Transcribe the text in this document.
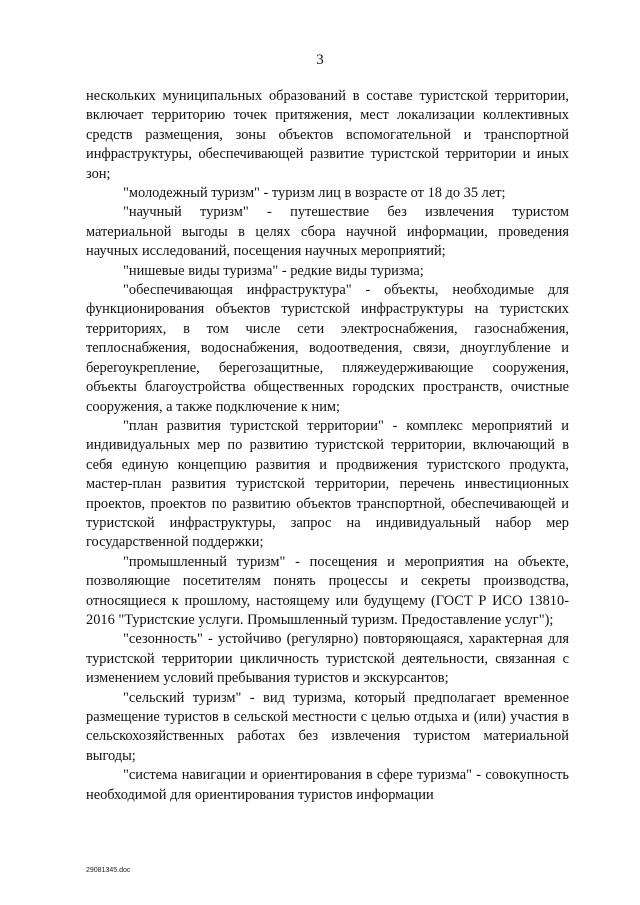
3

нескольких муниципальных образований в составе туристской территории, включает территорию точек притяжения, мест локализации коллективных средств размещения, зоны объектов вспомогательной и транспортной инфраструктуры, обеспечивающей развитие туристской территории и иных зон;

"молодежный туризм" - туризм лиц в возрасте от 18 до 35 лет;

"научный туризм" - путешествие без извлечения туристом материальной выгоды в целях сбора научной информации, проведения научных исследований, посещения научных мероприятий;

"нишевые виды туризма" - редкие виды туризма;

"обеспечивающая инфраструктура" - объекты, необходимые для функционирования объектов туристской инфраструктуры на туристских территориях, в том числе сети электроснабжения, газоснабжения, теплоснабжения, водоснабжения, водоотведения, связи, дноуглубление и берегоукрепление, берегозащитные, пляжеудерживающие сооружения, объекты благоустройства общественных городских пространств, очистные сооружения, а также подключение к ним;

"план развития туристской территории" - комплекс мероприятий и индивидуальных мер по развитию туристской территории, включающий в себя единую концепцию развития и продвижения туристского продукта, мастер-план развития туристской территории, перечень инвестиционных проектов, проектов по развитию объектов транспортной, обеспечивающей и туристской инфраструктуры, запрос на индивидуальный набор мер государственной поддержки;

"промышленный туризм" - посещения и мероприятия на объекте, позволяющие посетителям понять процессы и секреты производства, относящиеся к прошлому, настоящему или будущему (ГОСТ Р ИСО 13810-2016 "Туристские услуги. Промышленный туризм. Предоставление услуг");

"сезонность" - устойчиво (регулярно) повторяющаяся, характерная для туристской территории цикличность туристской деятельности, связанная с изменением условий пребывания туристов и экскурсантов;

"сельский туризм" - вид туризма, который предполагает временное размещение туристов в сельской местности с целью отдыха и (или) участия в сельскохозяйственных работах без извлечения туристом материальной выгоды;

"система навигации и ориентирования в сфере туризма" - совокупность необходимой для ориентирования туристов информации

29081345.doc
